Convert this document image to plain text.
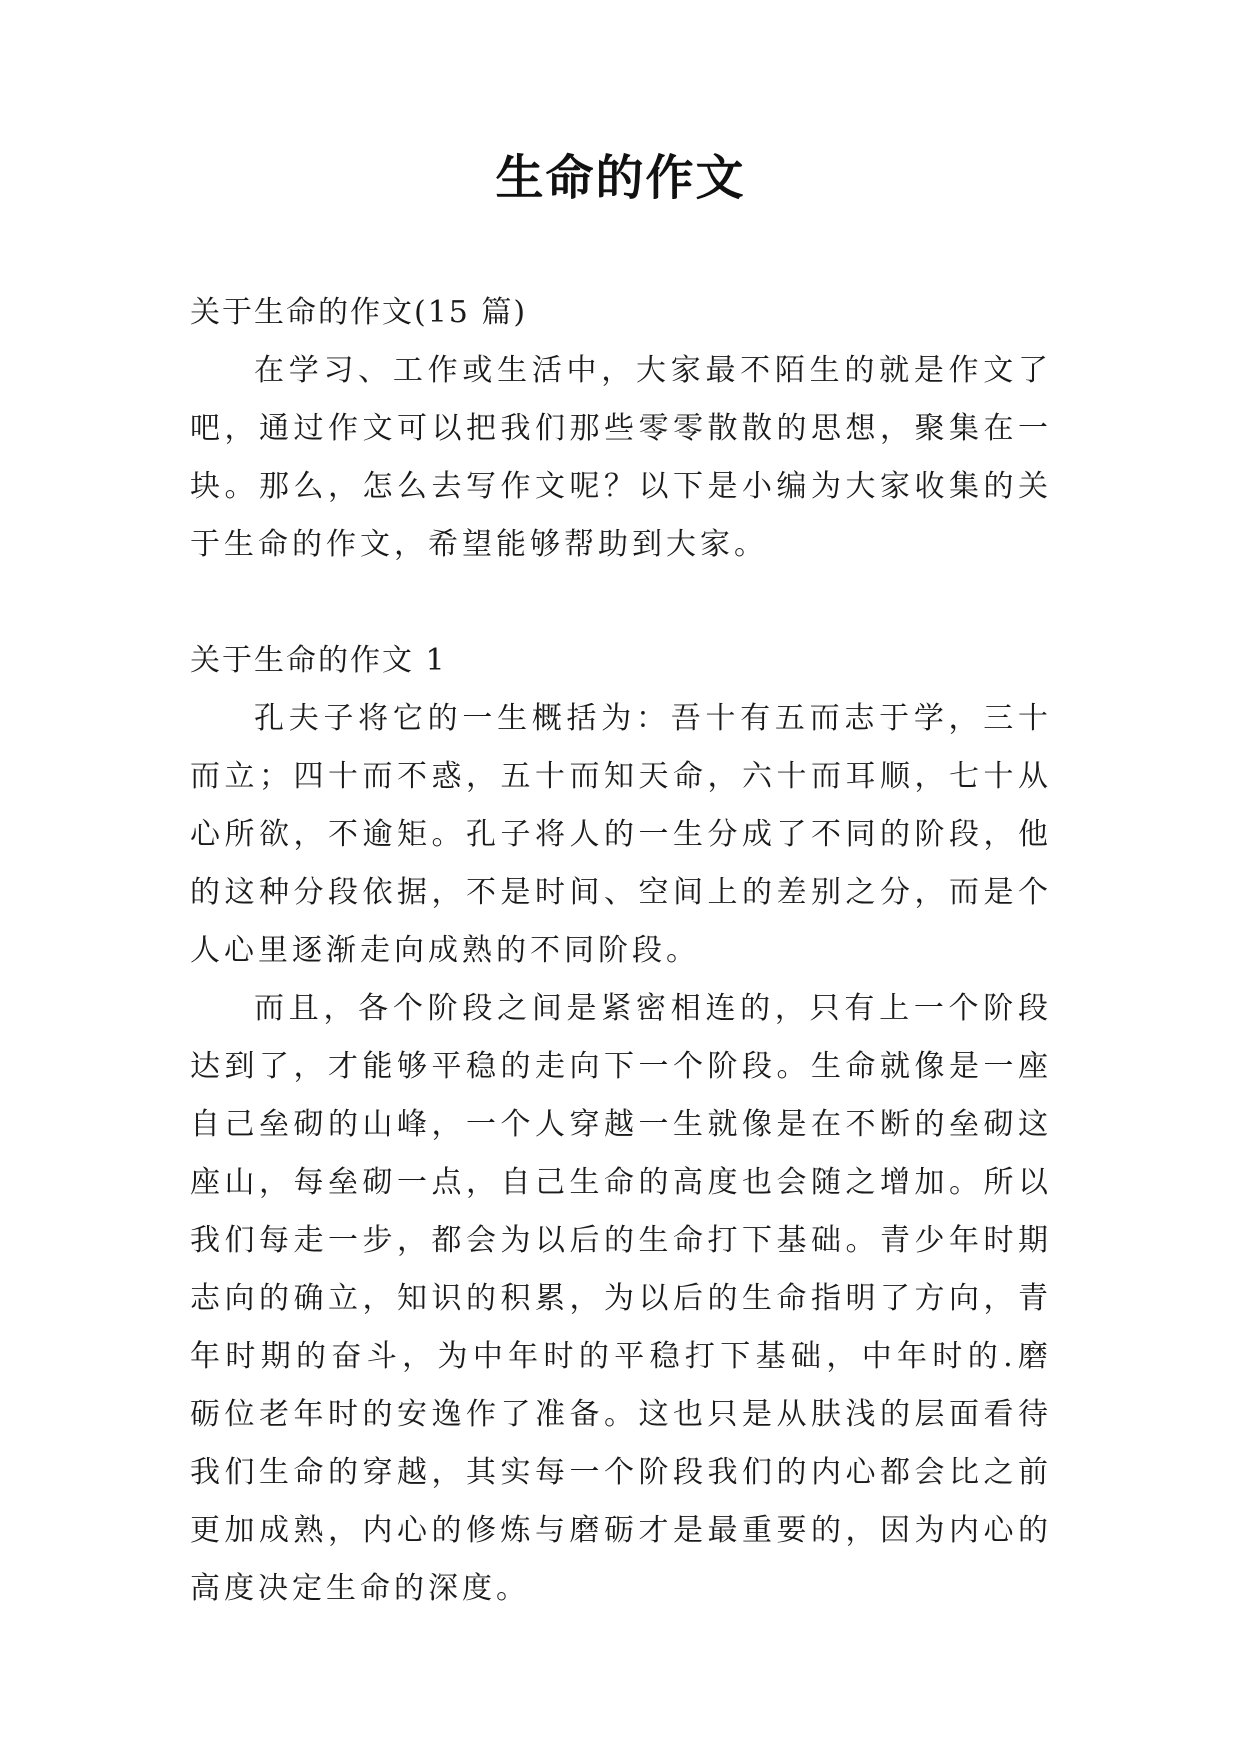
生命的作文
关于生命的作文(15 篇)

在学习、工作或生活中，大家最不陌生的就是作文了吧，通过作文可以把我们那些零零散散的思想，聚集在一块。那么，怎么去写作文呢？以下是小编为大家收集的关于生命的作文，希望能够帮助到大家。

关于生命的作文 1

孔夫子将它的一生概括为：吾十有五而志于学，三十而立；四十而不惑，五十而知天命，六十而耳顺，七十从心所欲，不逾矩。孔子将人的一生分成了不同的阶段，他的这种分段依据，不是时间、空间上的差别之分，而是个人心里逐渐走向成熟的不同阶段。

而且，各个阶段之间是紧密相连的，只有上一个阶段达到了，才能够平稳的走向下一个阶段。生命就像是一座自己垒砌的山峰，一个人穿越一生就像是在不断的垒砌这座山，每垒砌一点，自己生命的高度也会随之增加。所以我们每走一步，都会为以后的生命打下基础。青少年时期志向的确立，知识的积累，为以后的生命指明了方向，青年时期的奋斗，为中年时的平稳打下基础，中年时的.磨砺位老年时的安逸作了准备。这也只是从肤浅的层面看待我们生命的穿越，其实每一个阶段我们的内心都会比之前更加成熟，内心的修炼与磨砺才是最重要的，因为内心的高度决定生命的深度。
